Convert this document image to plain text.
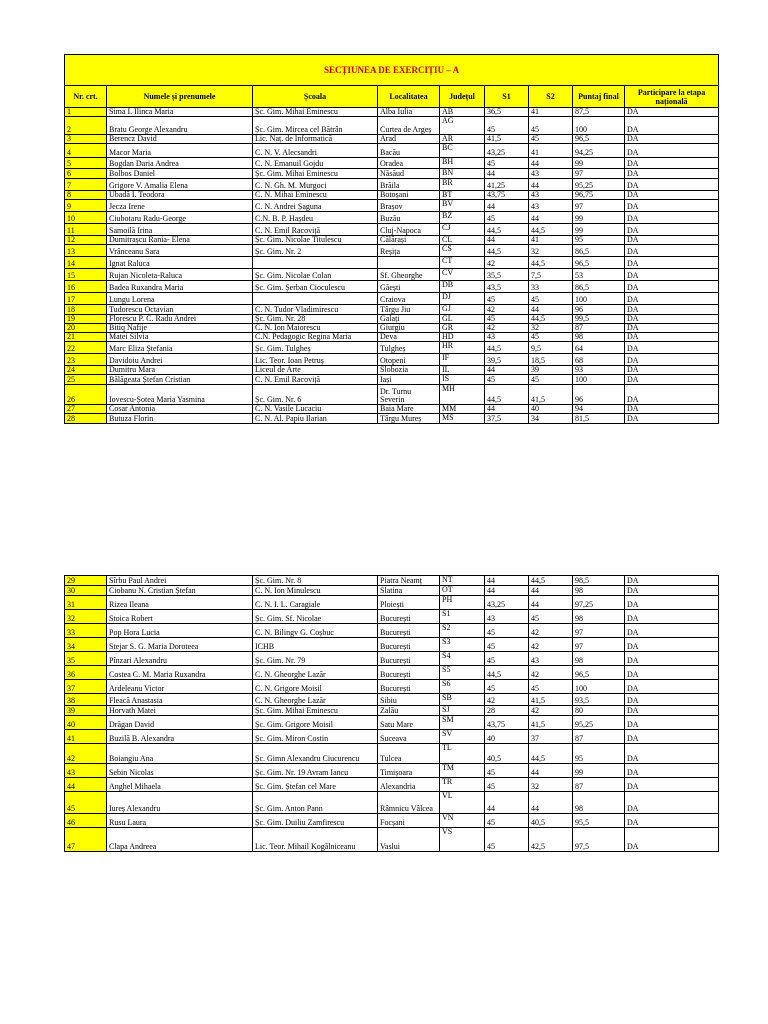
SECȚIUNEA DE EXERCIȚIU – A								
Nr. crt.	Numele și prenumele	Școala	Localitatea	Județul	S1	S2	Puntaj final	Participare la etapa națională
1	Sima I. Ilinca Maria	Șc. Gim. Mihai Eminescu	Alba Iulia	AB	36,5	41	87,5	DA
2	Bratu George Alexandru	Șc. Gim. Mircea cel Bătrân	Curtea de Argeș	AG	45	45	100	DA
3	Berencz David	Lic. Naț. de Informatică	Arad	AR	41,5	45	96,5	DA
4	Macor Maria	C. N. V. Alecsandri	Bacău	BC	43,25	41	94,25	DA
5	Bogdan Daria Andrea	C. N. Emanuil Gojdu	Oradea	BH	45	44	99	DA
6	Bolbos Daniel	Șc. Gim. Mihai Eminescu	Năsăud	BN	44	43	97	DA
7	Grigore V. Amalia Elena	C. N. Gh. M. Murgoci	Brăila	BR	41,25	44	95,25	DA
8	Ubadă I. Teodora	C. N. Mihai Eminescu	Botoșani	BT	43,75	43	96,75	DA
9	Jecza Irene	C. N. Andrei Șaguna	Brașov	BV	44	43	97	DA
10	Ciubotaru Radu-George	C.N. B. P. Hașdeu	Buzău	BZ	45	44	99	DA
11	Samoilă Irina	C. N. Emil Racoviță	Cluj-Napoca	CJ	44,5	44,5	99	DA
12	Dumitrașcu Rania- Elena	Șc. Gim. Nicolae Titulescu	Călărași	CL	44	41	95	DA
13	Vrânceanu Sara	Șc. Gim. Nr. 2	Reșița	CS	44,5	32	86,5	DA
14	Ignat Raluca			CT	42	44,5	96,5	DA
15	Rujan Nicoleta-Raluca	Șc. Gim. Nicolae Colan	Sf. Gheorghe	CV	35,5	7,5	53	DA
16	Badea Ruxandra Maria	Șc. Gim. Șerban Cioculescu	Găești	DB	43,5	33	86,5	DA
17	Lungu Lorena		Craiova	DJ	45	45	100	DA
18	Tudorescu Octavian	C. N. Tudor Vladimirescu	Târgu Jiu	GJ	42	44	96	DA
19	Florescu P. C. Radu Andrei	Șc. Gim. Nr. 28	Galați	GL	45	44,5	99,5	DA
20	Bitiq Nafije	C. N. Ion Maiorescu	Giurgiu	GR	42	32	87	DA
21	Matei Silvia	C.N. Pedagogic Regina Maria	Deva	HD	43	45	98	DA
22	Marc Eliza Ștefania	Șc. Gim. Tulgheș	Tulgheș	HR	44,5	9,5	64	DA
23	Davidoiu Andrei	Lic. Teor. Ioan Petruș	Otopeni	IF	39,5	18,5	68	DA
24	Dumitru Mara	Liceul de Arte	Slobozia	IL	44	39	93	DA
25	Bălăgeata Ștefan Cristian	C. N. Emil Racoviță	Iași	IS	45	45	100	DA
26	Iovescu-Șotea Maria Yasmina	Șc. Gim. Nr. 6	Dr. Turnu Severin	MH	44,5	41,5	96	DA
27	Cosar Antonia	C. N. Vasile Lucaciu	Baia Mare	MM	44	40	94	DA
28	Butuza Florin	C. N. Al. Papiu Ilarian	Târgu Mureș	MS	37,5	34	81,5	DA
29	Sîrbu Paul Andrei	Șc. Gim. Nr. 8	Piatra Neamț	NT	44	44,5	98,5	DA
30	Ciobanu N. Cristian Ștefan	C. N. Ion Minulescu	Slatina	OT	44	44	98	DA
31	Rizea Ileana	C. N. I. L. Caragiale	Ploiești	PH	43,25	44	97,25	DA
32	Stoica Robert	Șc. Gim. Sf. Nicolae	București	S1	43	45	98	DA
33	Pop Hora Lucia	C. N. Bilingv G. Coșbuc	București	S2	45	42	97	DA
34	Stejar S. G. Maria Doroteea	ICHB	București	S3	45	42	97	DA
35	Pînzari Alexandru	Șc. Gim. Nr. 79	București	S4	45	43	98	DA
36	Costea C. M. Maria Ruxandra	C. N. Gheorghe Lazăr	București	S5	44,5	42	96,5	DA
37	Ardeleanu Victor	C. N. Grigore Moisil	București	S6	45	45	100	DA
38	Fleacă Anastasia	C. N. Gheorghe Lazăr	Sibiu	SB	42	41,5	93,5	DA
39	Horvath Matei	Șc. Gim. Mihai Eminescu	Zalău	SJ	28	42	80	DA
40	Drăgan David	Șc. Gim. Grigore Moisil	Satu Mare	SM	43,75	41,5	95,25	DA
41	Buzilă B. Alexandra	Șc. Gim. Miron Costin	Suceava	SV	40	37	87	DA
42	Boiangiu Ana	Șc. Gimn Alexandru Ciucurencu	Tulcea	TL	40,5	44,5	95	DA
43	Sebin Nicolas	Șc. Gim. Nr. 19 Avram Iancu	Timișoara	TM	45	44	99	DA
44	Anghel Mihaela	Șc. Gim. Ștefan cel Mare	Alexandria	TR	45	32	87	DA
45	Iureș Alexandru	Șc. Gim. Anton Pann	Râmnicu Vâlcea	VL	44	44	98	DA
46	Rusu Laura	Șc. Gim. Duiliu Zamfirescu	Focșani	VN	45	40,5	95,5	DA
47	Clapa Andreea	Lic. Teor. Mihail Kogălniceanu	Vaslui	VS	45	42,5	97,5	DA
